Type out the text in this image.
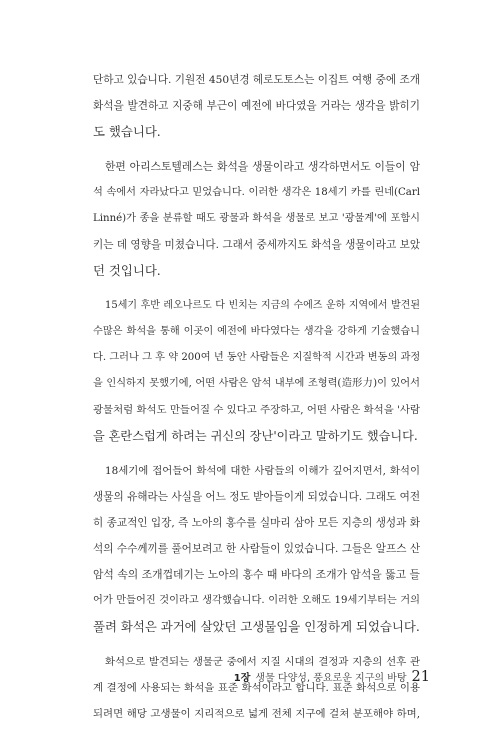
단하고 있습니다. 기원전 450년경 헤로도토스는 이집트 여행 중에 조개
화석을 발견하고 지중해 부근이 예전에 바다였을 거라는 생각을 밝히기
도 했습니다.
한편 아리스토텔레스는 화석을 생물이라고 생각하면서도 이들이 암
석 속에서 자라났다고 믿었습니다. 이러한 생각은 18세기 카를 린네(Carl
Linné)가 종을 분류할 때도 광물과 화석을 생물로 보고 '광물계'에 포함시
키는 데 영향을 미쳤습니다. 그래서 중세까지도 화석을 생물이라고 보았
던 것입니다.
15세기 후반 레오나르도 다 빈치는 지금의 수에즈 운하 지역에서 발견된
수많은 화석을 통해 이곳이 예전에 바다였다는 생각을 강하게 기술했습니
다. 그러나 그 후 약 200여 년 동안 사람들은 지질학적 시간과 변동의 과정
을 인식하지 못했기에, 어떤 사람은 암석 내부에 조형력(造形力)이 있어서
광물처럼 화석도 만들어질 수 있다고 주장하고, 어떤 사람은 화석을 '사람
을 혼란스럽게 하려는 귀신의 장난'이라고 말하기도 했습니다.
18세기에 접어들어 화석에 대한 사람들의 이해가 깊어지면서, 화석이
생물의 유해라는 사실을 어느 정도 받아들이게 되었습니다. 그래도 여전
히 종교적인 입장, 즉 노아의 홍수를 실마리 삼아 모든 지층의 생성과 화
석의 수수께끼를 풀어보려고 한 사람들이 있었습니다. 그들은 알프스 산
암석 속의 조개껍데기는 노아의 홍수 때 바다의 조개가 암석을 뚫고 들
어가 만들어진 것이라고 생각했습니다. 이러한 오해도 19세기부터는 거의
풀려 화석은 과거에 살았던 고생물임을 인정하게 되었습니다.
화석으로 발견되는 생물군 중에서 지질 시대의 결정과 지층의 선후 관
계 결정에 사용되는 화석을 표준 화석이라고 합니다. 표준 화석으로 이용
되려면 해당 고생물이 지리적으로 넓게 전체 지구에 걸쳐 분포해야 하며,
1장 생물 다양성, 풍요로운 지구의 바탕 21
